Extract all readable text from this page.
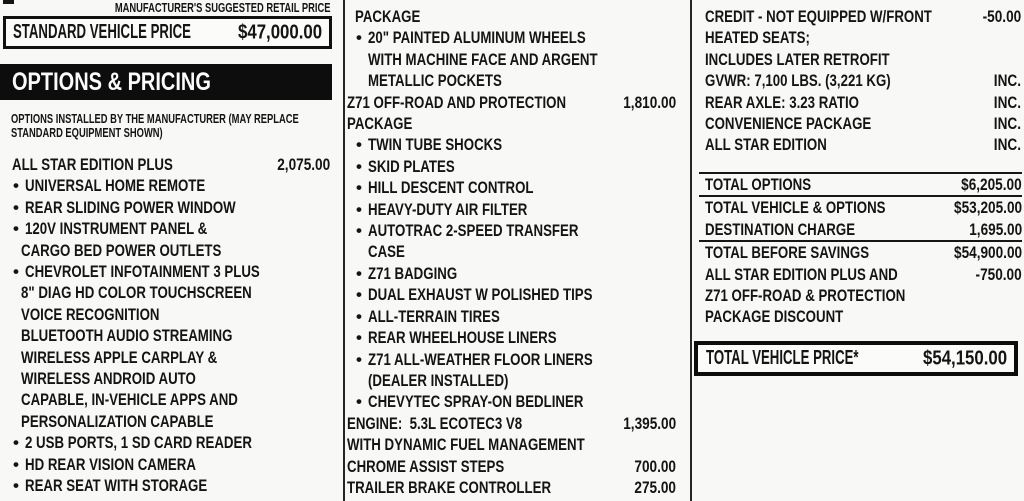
MANUFACTURER'S SUGGESTED RETAIL PRICE
STANDARD VEHICLE PRICE $47,000.00
OPTIONS & PRICING
OPTIONS INSTALLED BY THE MANUFACTURER (MAY REPLACE
STANDARD EQUIPMENT SHOWN)
ALL STAR EDITION PLUS	2,075.00
• UNIVERSAL HOME REMOTE
• REAR SLIDING POWER WINDOW
• 120V INSTRUMENT PANEL &
CARGO BED POWER OUTLETS
• CHEVROLET INFOTAINMENT 3 PLUS
8" DIAG HD COLOR TOUCHSCREEN
VOICE RECOGNITION
BLUETOOTH AUDIO STREAMING
WIRELESS APPLE CARPLAY &
WIRELESS ANDROID AUTO
CAPABLE, IN-VEHICLE APPS AND
PERSONALIZATION CAPABLE
• 2 USB PORTS, 1 SD CARD READER
• HD REAR VISION CAMERA
• REAR SEAT WITH STORAGE
PACKAGE
• 20" PAINTED ALUMINUM WHEELS
WITH MACHINE FACE AND ARGENT
METALLIC POCKETS
Z71 OFF-ROAD AND PROTECTION	1,810.00
PACKAGE
• TWIN TUBE SHOCKS
• SKID PLATES
• HILL DESCENT CONTROL
• HEAVY-DUTY AIR FILTER
• AUTOTRAC 2-SPEED TRANSFER
CASE
• Z71 BADGING
• DUAL EXHAUST W POLISHED TIPS
• ALL-TERRAIN TIRES
• REAR WHEELHOUSE LINERS
• Z71 ALL-WEATHER FLOOR LINERS
(DEALER INSTALLED)
• CHEVYTEC SPRAY-ON BEDLINER
ENGINE:  5.3L ECOTEC3 V8	1,395.00
WITH DYNAMIC FUEL MANAGEMENT
CHROME ASSIST STEPS	700.00
TRAILER BRAKE CONTROLLER	275.00
CREDIT - NOT EQUIPPED W/FRONT	-50.00
HEATED SEATS;
INCLUDES LATER RETROFIT
GVWR: 7,100 LBS. (3,221 KG)	INC.
REAR AXLE: 3.23 RATIO	INC.
CONVENIENCE PACKAGE	INC.
ALL STAR EDITION	INC.
TOTAL OPTIONS	$6,205.00
TOTAL VEHICLE & OPTIONS	$53,205.00
DESTINATION CHARGE	1,695.00
TOTAL BEFORE SAVINGS	$54,900.00
ALL STAR EDITION PLUS AND	-750.00
Z71 OFF-ROAD & PROTECTION
PACKAGE DISCOUNT
TOTAL VEHICLE PRICE*	$54,150.00
